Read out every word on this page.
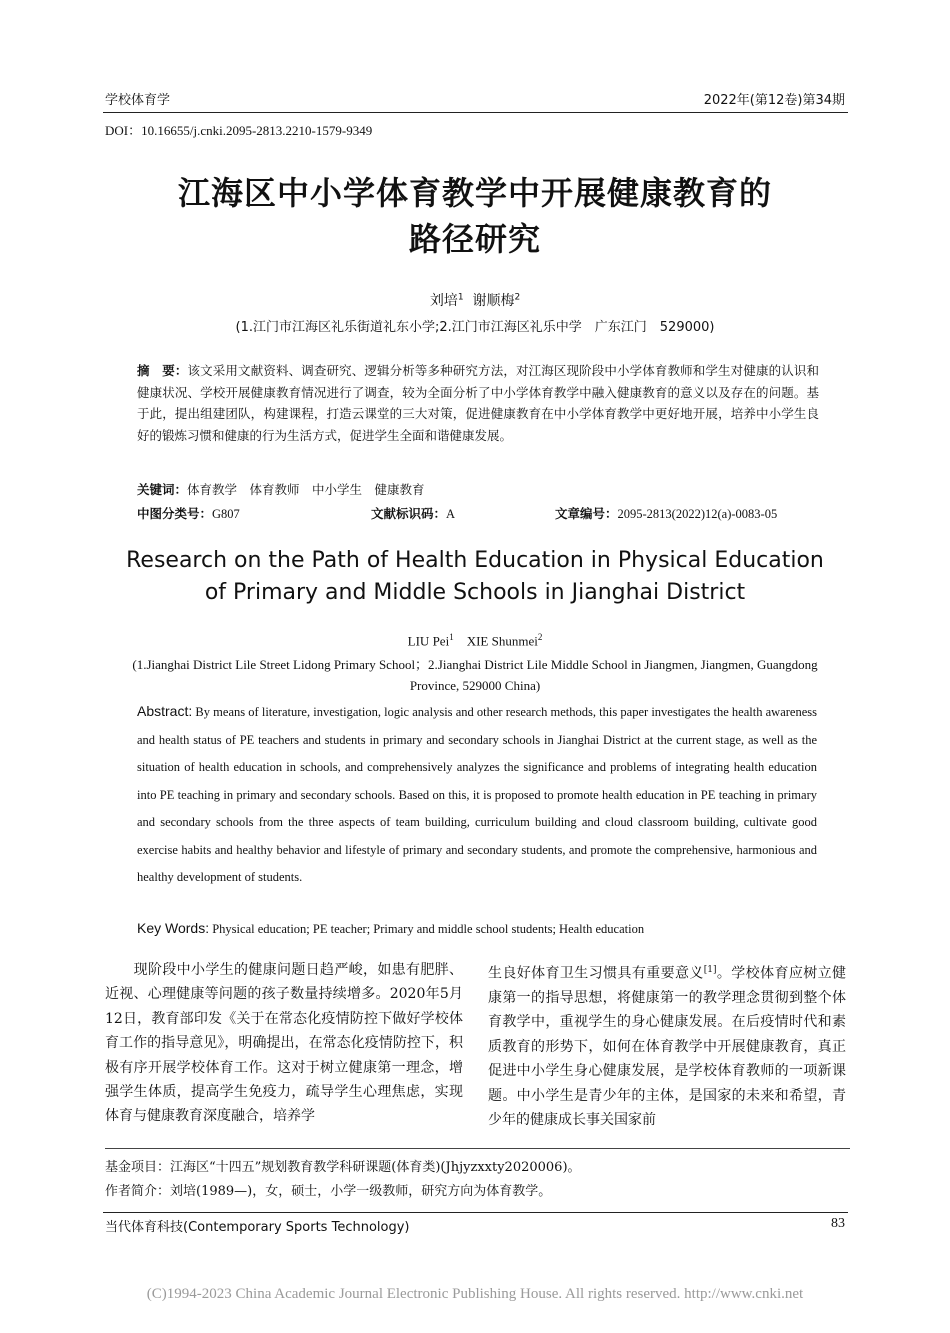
学校体育学	2022年(第12卷)第34期
DOI：10.16655/j.cnki.2095-2813.2210-1579-9349
江海区中小学体育教学中开展健康教育的
路径研究
刘培$^1$ 谢顺梅$^2$
(1.江门市江海区礼乐街道礼东小学;2.江门市江海区礼乐中学　广东江门　529000)
摘　要：该文采用文献资料、调查研究、逻辑分析等多种研究方法，对江海区现阶段中小学体育教师和学生对健康的认识和健康状况、学校开展健康教育情况进行了调查，较为全面分析了中小学体育教学中融入健康教育的意义以及存在的问题。基于此，提出组建团队，构建课程，打造云课堂的三大对策，促进健康教育在中小学体育教学中更好地开展，培养中小学生良好的锻炼习惯和健康的行为生活方式，促进学生全面和谐健康发展。
关键词：体育教学　体育教师　中小学生　健康教育
中图分类号：G807	文献标识码：A	文章编号：2095-2813(2022)12(a)-0083-05
Research on the Path of Health Education in Physical Education
of Primary and Middle Schools in Jianghai District
LIU Pei$^1$ XIE Shunmei$^2$
(1.Jianghai District Lile Street Lidong Primary School；2.Jianghai District Lile Middle School in Jiangmen, Jiangmen, Guangdong Province, 529000 China)
Abstract: By means of literature, investigation, logic analysis and other research methods, this paper investigates the health awareness and health status of PE teachers and students in primary and secondary schools in Jianghai District at the current stage, as well as the situation of health education in schools, and comprehensively analyzes the significance and problems of integrating health education into PE teaching in primary and secondary schools. Based on this, it is proposed to promote health education in PE teaching in primary and secondary schools from the three aspects of team building, curriculum building and cloud classroom building, cultivate good exercise habits and healthy behavior and lifestyle of primary and secondary students, and promote the comprehensive, harmonious and healthy development of students.
Key Words: Physical education; PE teacher; Primary and middle school students; Health education
　　现阶段中小学生的健康问题日趋严峻，如患有肥胖、近视、心理健康等问题的孩子数量持续增多。2020年5月12日，教育部印发《关于在常态化疫情防控下做好学校体育工作的指导意见》，明确提出，在常态化疫情防控下，积极有序开展学校体育工作。这对于树立健康第一理念，增强学生体质，提高学生免疫力，疏导学生心理焦虑，实现体育与健康教育深度融合，培养学
生良好体育卫生习惯具有重要意义[1]。学校体育应树立健康第一的指导思想，将健康第一的教学理念贯彻到整个体育教学中，重视学生的身心健康发展。在后疫情时代和素质教育的形势下，如何在体育教学中开展健康教育，真正促进中小学生身心健康发展，是学校体育教师的一项新课题。中小学生是青少年的主体，是国家的未来和希望，青少年的健康成长事关国家前
基金项目：江海区“十四五”规划教育教学科研课题(体育类)(Jhjyzxxty2020006)。
作者简介：刘培(1989—)，女，硕士，小学一级教师，研究方向为体育教学。
当代体育科技(Contemporary Sports Technology)	83
(C)1994-2023 China Academic Journal Electronic Publishing House. All rights reserved. http://www.cnki.net
